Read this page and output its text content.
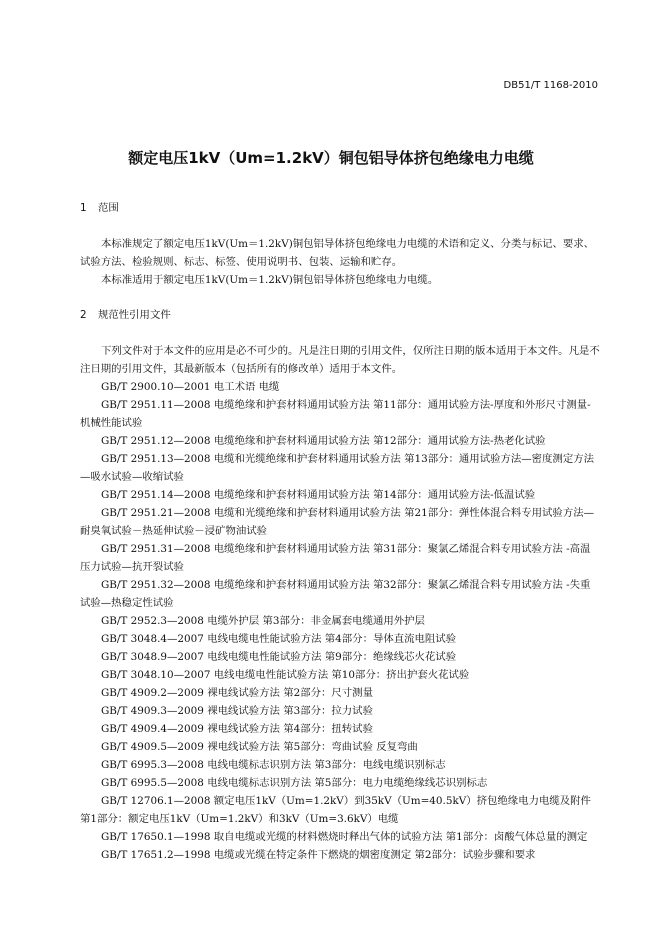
DB51/T 1168-2010
额定电压1kV（Um=1.2kV）铜包铝导体挤包绝缘电力电缆

1 范围

本标准规定了额定电压1kV(Um＝1.2kV)铜包铝导体挤包绝缘电力电缆的术语和定义、分类与标记、要求、试验方法、检验规则、标志、标签、使用说明书、包装、运输和贮存。

本标准适用于额定电压1kV(Um＝1.2kV)铜包铝导体挤包绝缘电力电缆。

2 规范性引用文件

下列文件对于本文件的应用是必不可少的。凡是注日期的引用文件，仅所注日期的版本适用于本文件。凡是不注日期的引用文件，其最新版本（包括所有的修改单）适用于本文件。

GB/T 2900.10—2001 电工术语 电缆

GB/T 2951.11—2008 电缆绝缘和护套材料通用试验方法 第11部分：通用试验方法-厚度和外形尺寸测量-机械性能试验

GB/T 2951.12—2008 电缆绝缘和护套材料通用试验方法 第12部分：通用试验方法-热老化试验

GB/T 2951.13—2008 电缆和光缆绝缘和护套材料通用试验方法 第13部分：通用试验方法—密度测定方法—吸水试验—收缩试验

GB/T 2951.14—2008 电缆绝缘和护套材料通用试验方法 第14部分：通用试验方法-低温试验

GB/T 2951.21—2008 电缆和光缆绝缘和护套材料通用试验方法 第21部分：弹性体混合料专用试验方法—耐臭氧试验－热延伸试验－浸矿物油试验

GB/T 2951.31—2008 电缆绝缘和护套材料通用试验方法 第31部分：聚氯乙烯混合料专用试验方法 -高温压力试验—抗开裂试验

GB/T 2951.32—2008 电缆绝缘和护套材料通用试验方法 第32部分：聚氯乙烯混合料专用试验方法 -失重试验—热稳定性试验

GB/T 2952.3—2008 电缆外护层 第3部分：非金属套电缆通用外护层

GB/T 3048.4—2007 电线电缆电性能试验方法 第4部分：导体直流电阻试验

GB/T 3048.9—2007 电线电缆电性能试验方法 第9部分：绝缘线芯火花试验

GB/T 3048.10—2007 电线电缆电性能试验方法 第10部分：挤出护套火花试验

GB/T 4909.2—2009 裸电线试验方法 第2部分：尺寸测量

GB/T 4909.3—2009 裸电线试验方法 第3部分：拉力试验

GB/T 4909.4—2009 裸电线试验方法 第4部分：扭转试验

GB/T 4909.5—2009 裸电线试验方法 第5部分：弯曲试验 反复弯曲

GB/T 6995.3—2008 电线电缆标志识别方法 第3部分：电线电缆识别标志

GB/T 6995.5—2008 电线电缆标志识别方法 第5部分：电力电缆绝缘线芯识别标志

GB/T 12706.1—2008 额定电压1kV（Um=1.2kV）到35kV（Um=40.5kV）挤包绝缘电力电缆及附件 第1部分：额定电压1kV（Um=1.2kV）和3kV（Um=3.6kV）电缆

GB/T 17650.1—1998 取自电缆或光缆的材料燃烧时释出气体的试验方法 第1部分：卤酸气体总量的测定

GB/T 17651.2—1998 电缆或光缆在特定条件下燃烧的烟密度测定 第2部分：试验步骤和要求
